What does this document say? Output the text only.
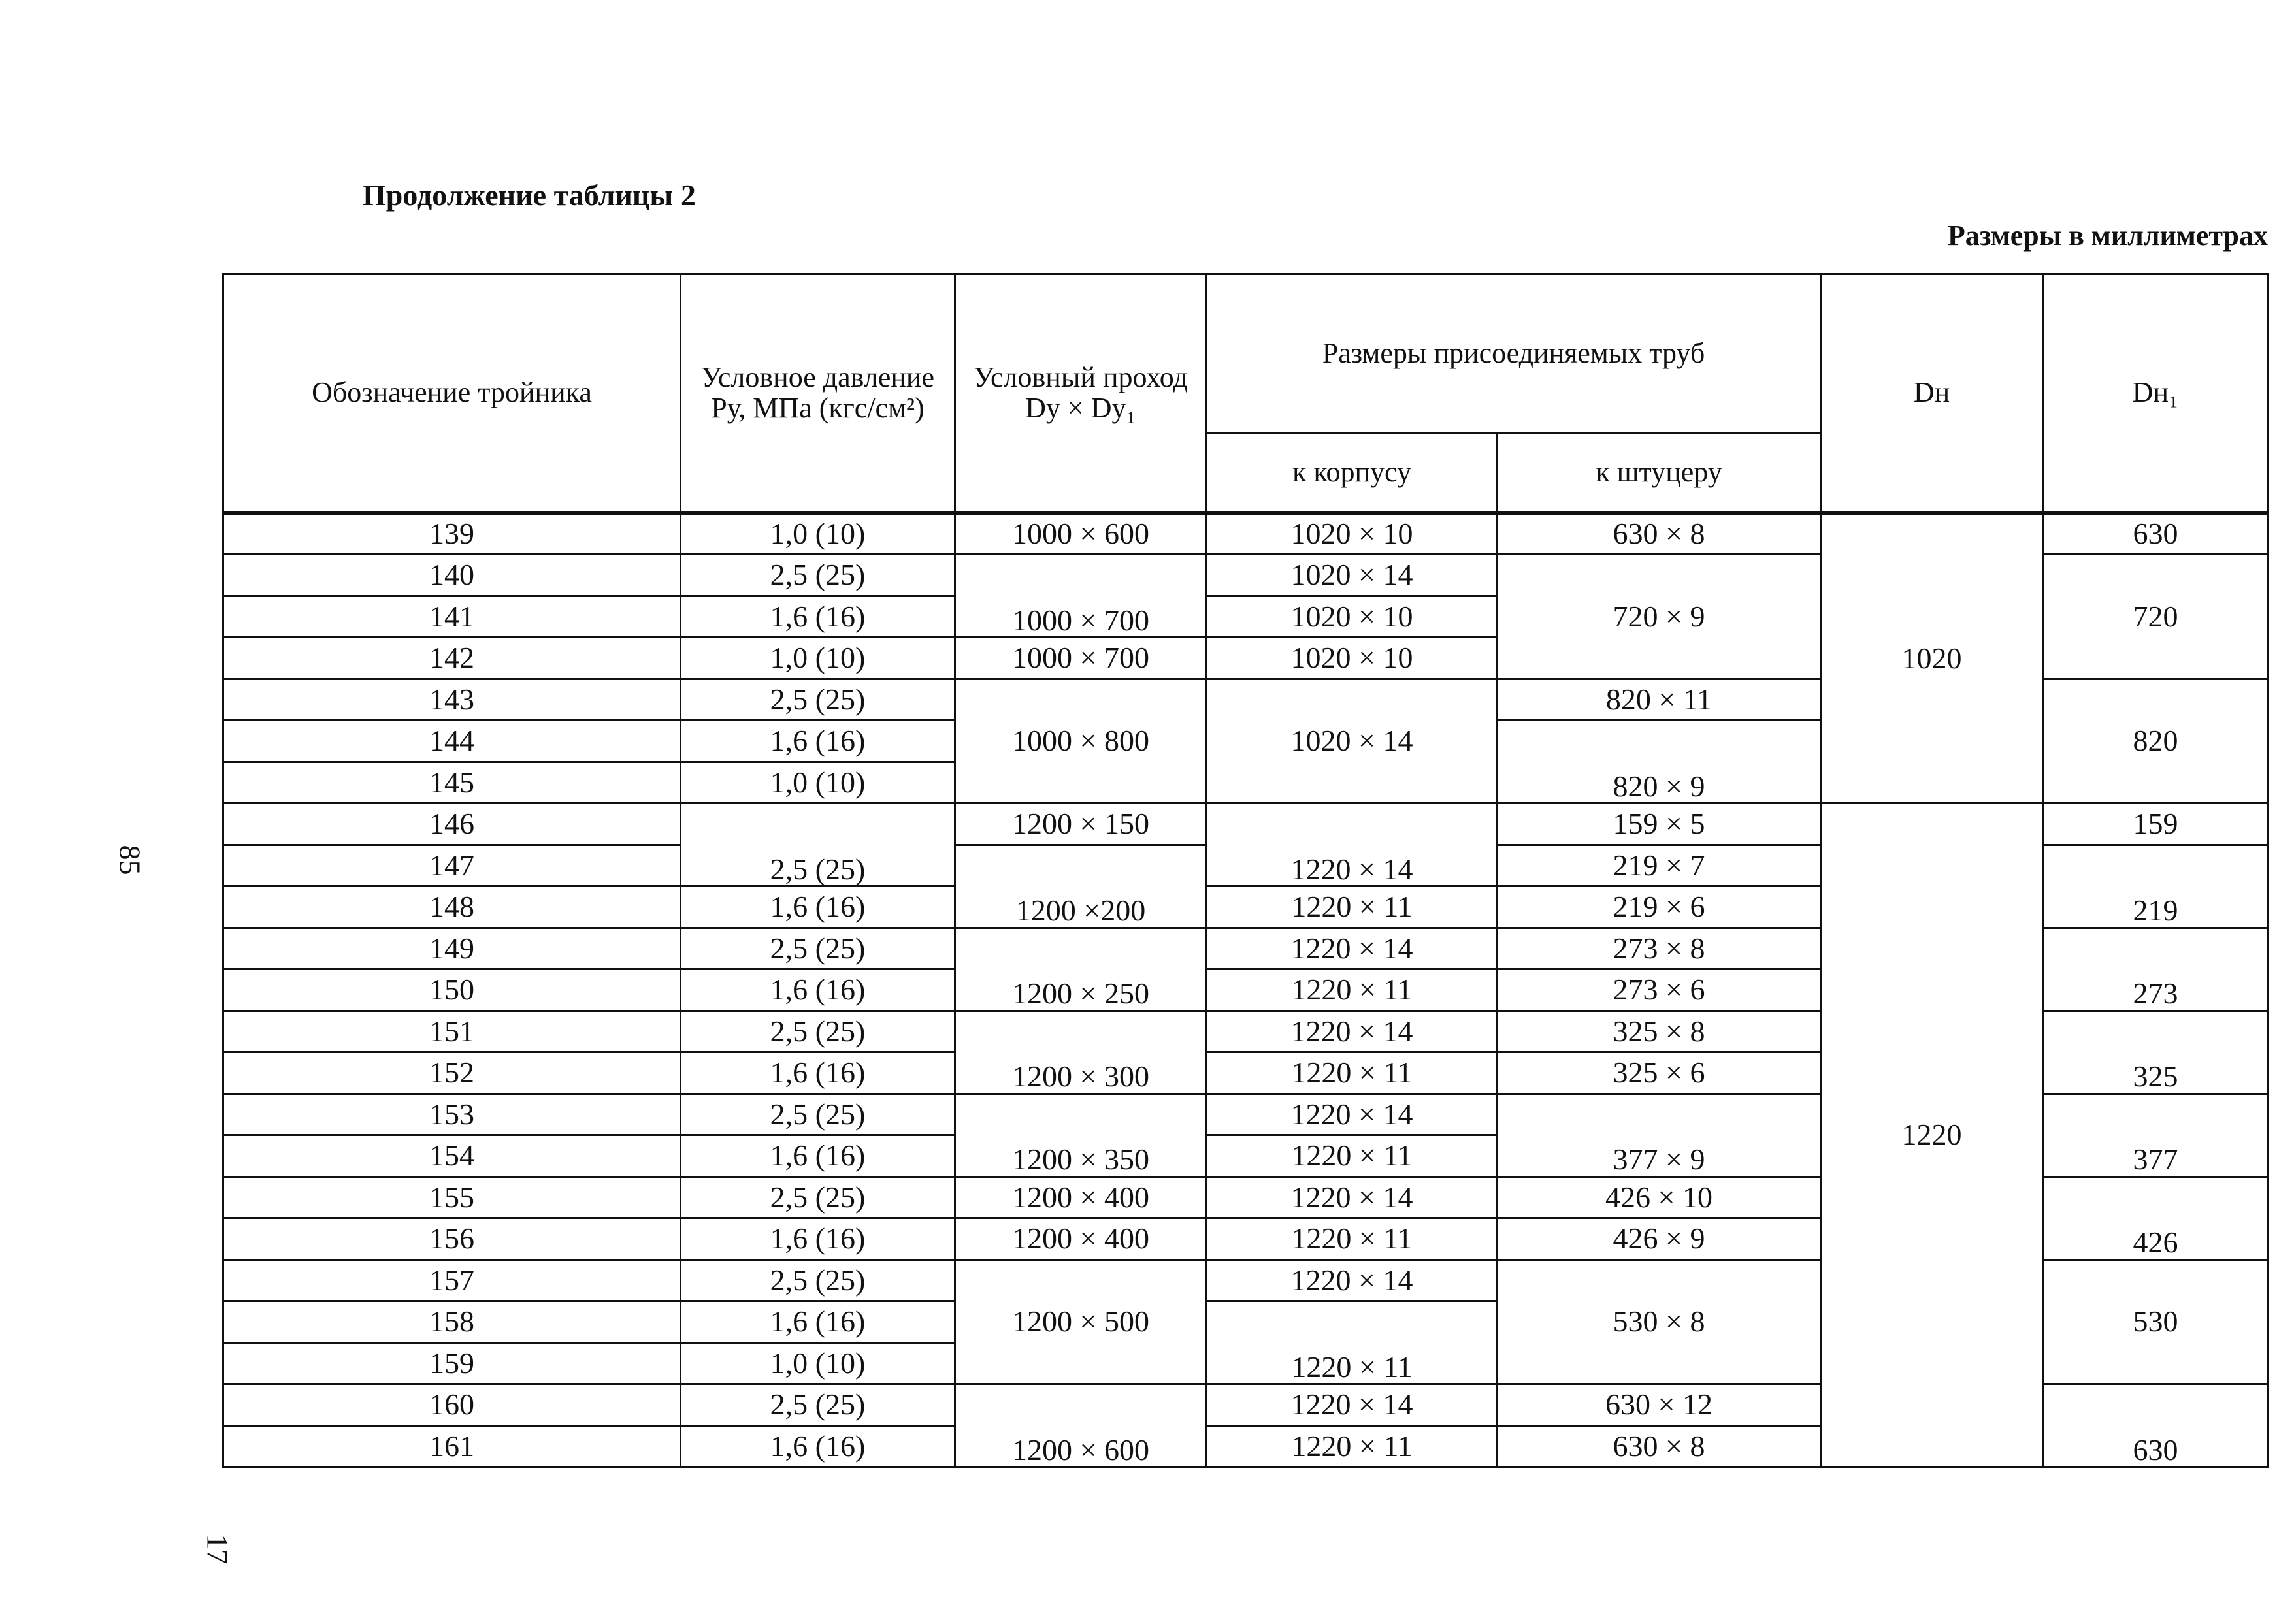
Продолжение таблицы 2
Размеры в миллиметрах
85
17
Обозначение тройника	Условное давление Ру, МПа (кгс/см²)	Условный проход Dу × Dу₁	Размеры присоединяемых труб		Dн	Dн₁
			к корпусу	к штуцеру		
139	1,0 (10)	1000 × 600	1020 × 10	630 × 8	1020	630
140	2,5 (25)	1000 × 700	1020 × 14	720 × 9		720
141	1,6 (16)		1020 × 10			
142	1,0 (10)	1000 × 700	1020 × 10			
143	2,5 (25)	1000 × 800	1020 × 14	820 × 11		820
144	1,6 (16)			820 × 9		
145	1,0 (10)					
146	2,5 (25)	1200 × 150	1220 × 14	159 × 5	1220	159
147		1200 ×200		219 × 7		219
148	1,6 (16)		1220 × 11	219 × 6		
149	2,5 (25)	1200 × 250	1220 × 14	273 × 8		273
150	1,6 (16)		1220 × 11	273 × 6		
151	2,5 (25)	1200 × 300	1220 × 14	325 × 8		325
152	1,6 (16)		1220 × 11	325 × 6		
153	2,5 (25)	1200 × 350	1220 × 14	377 × 9		377
154	1,6 (16)		1220 × 11			
155	2,5 (25)	1200 × 400	1220 × 14	426 × 10		426
156	1,6 (16)	1200 × 400	1220 × 11	426 × 9		
157	2,5 (25)	1200 × 500	1220 × 14	530 × 8		530
158	1,6 (16)		1220 × 11			
159	1,0 (10)					
160	2,5 (25)	1200 × 600	1220 × 14	630 × 12		630
161	1,6 (16)		1220 × 11	630 × 8		
